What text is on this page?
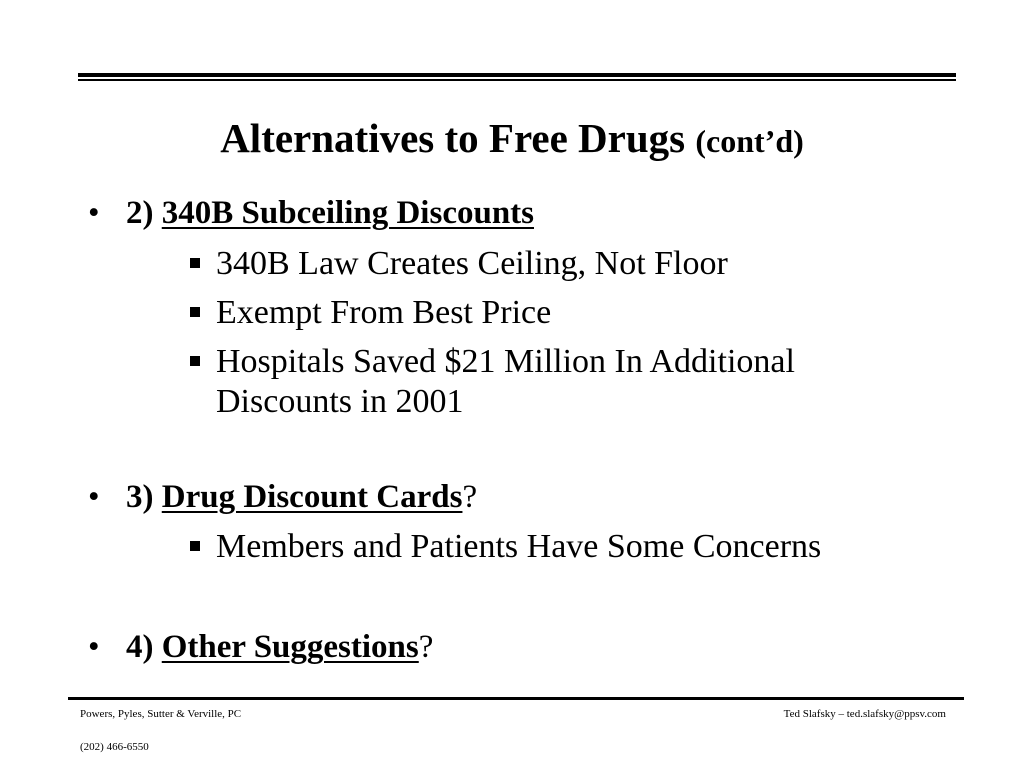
Alternatives to Free Drugs (cont’d)
• 2) 340B Subceiling Discounts
340B Law Creates Ceiling, Not Floor
Exempt From Best Price
Hospitals Saved $21 Million In Additional Discounts in 2001
• 3) Drug Discount Cards?
Members and Patients Have Some Concerns
• 4) Other Suggestions?
Powers, Pyles, Sutter & Verville, PC
(202) 466-6550
Ted Slafsky – ted.slafsky@ppsv.com
